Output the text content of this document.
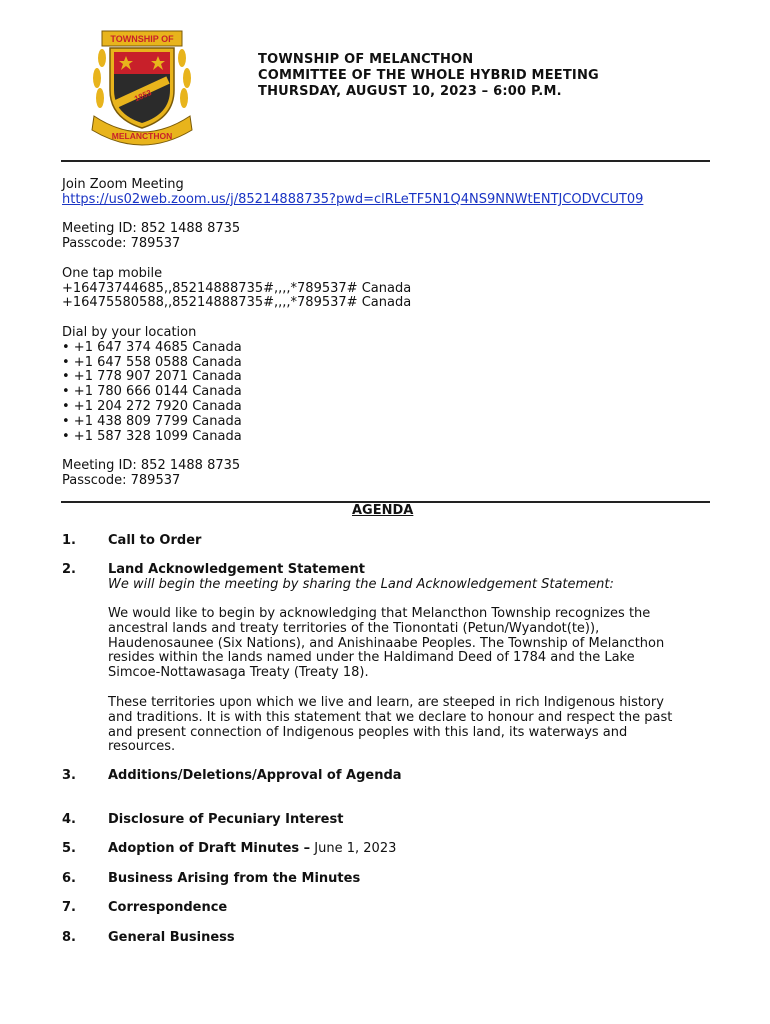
TOWNSHIP OF
1853
MELANCTHON
TOWNSHIP OF MELANCTHON
COMMITTEE OF THE WHOLE HYBRID MEETING
THURSDAY, AUGUST 10, 2023 – 6:00 P.M.
Join Zoom Meeting
https://us02web.zoom.us/j/85214888735?pwd=clRLeTF5N1Q4NS9NNWtENTJCODVCUT09
Meeting ID: 852 1488 8735
Passcode: 789537
One tap mobile
+16473744685,,85214888735#,,,,*789537# Canada
+16475580588,,85214888735#,,,,*789537# Canada
Dial by your location
• +1 647 374 4685 Canada
• +1 647 558 0588 Canada
• +1 778 907 2071 Canada
• +1 780 666 0144 Canada
• +1 204 272 7920 Canada
• +1 438 809 7799 Canada
• +1 587 328 1099 Canada
Meeting ID: 852 1488 8735
Passcode: 789537
AGENDA
1. Call to Order
2. Land Acknowledgement Statement
We will begin the meeting by sharing the Land Acknowledgement Statement:
We would like to begin by acknowledging that Melancthon Township recognizes the
ancestral lands and treaty territories of the Tionontati (Petun/Wyandot(te)),
Haudenosaunee (Six Nations), and Anishinaabe Peoples. The Township of Melancthon
resides within the lands named under the Haldimand Deed of 1784 and the Lake
Simcoe-Nottawasaga Treaty (Treaty 18).
These territories upon which we live and learn, are steeped in rich Indigenous history
and traditions. It is with this statement that we declare to honour and respect the past
and present connection of Indigenous peoples with this land, its waterways and
resources.
3. Additions/Deletions/Approval of Agenda
4. Disclosure of Pecuniary Interest
5. Adoption of Draft Minutes – June 1, 2023
6. Business Arising from the Minutes
7. Correspondence
8. General Business
